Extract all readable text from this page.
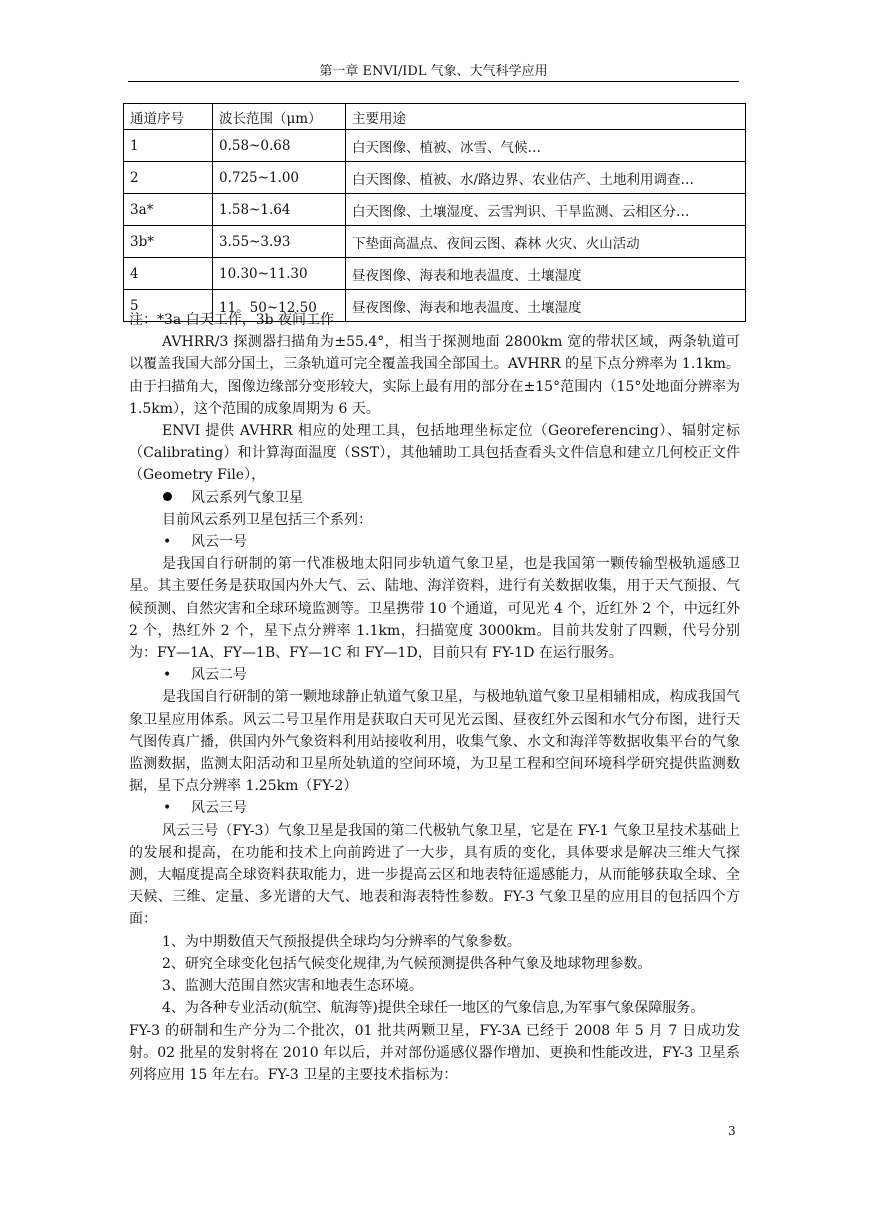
第一章 ENVI/IDL 气象、大气科学应用
通道序号	波长范围（μm）	主要用途
1	0.58~0.68	白天图像、植被、冰雪、气候…
2	0.725~1.00	白天图像、植被、水/路边界、农业估产、土地利用调查…
3a*	1.58~1.64	白天图像、土壤湿度、云雪判识、干旱监测、云相区分…
3b*	3.55~3.93	下垫面高温点、夜间云图、森林 火灾、火山活动
4	10.30~11.30	昼夜图像、海表和地表温度、土壤湿度
5	11。50~12.50	昼夜图像、海表和地表温度、土壤湿度

注：*3a 白天工作，3b 夜间工作

AVHRR/3 探测器扫描角为±55.4°，相当于探测地面 2800km 宽的带状区域，两条轨道可以覆盖我国大部分国土，三条轨道可完全覆盖我国全部国土。AVHRR 的星下点分辨率为 1.1km。由于扫描角大，图像边缘部分变形较大，实际上最有用的部分在±15°范围内（15°处地面分辨率为 1.5km），这个范围的成象周期为 6 天。

ENVI 提供 AVHRR 相应的处理工具，包括地理坐标定位（Georeferencing）、辐射定标（Calibrating）和计算海面温度（SST），其他辅助工具包括查看头文件信息和建立几何校正文件（Geometry File），

风云系列气象卫星

目前风云系列卫星包括三个系列：

• 风云一号

是我国自行研制的第一代准极地太阳同步轨道气象卫星，也是我国第一颗传输型极轨遥感卫星。其主要任务是获取国内外大气、云、陆地、海洋资料，进行有关数据收集，用于天气预报、气候预测、自然灾害和全球环境监测等。卫星携带 10 个通道，可见光 4 个，近红外 2 个，中远红外 2 个，热红外 2 个，星下点分辨率 1.1km，扫描宽度 3000km。目前共发射了四颗，代号分别为：FY—1A、FY—1B、FY—1C 和 FY—1D，目前只有 FY-1D 在运行服务。

• 风云二号

是我国自行研制的第一颗地球静止轨道气象卫星，与极地轨道气象卫星相辅相成，构成我国气象卫星应用体系。风云二号卫星作用是获取白天可见光云图、昼夜红外云图和水气分布图，进行天气图传真广播，供国内外气象资料利用站接收利用，收集气象、水文和海洋等数据收集平台的气象监测数据，监测太阳活动和卫星所处轨道的空间环境，为卫星工程和空间环境科学研究提供监测数据，星下点分辨率 1.25km（FY-2）

• 风云三号

风云三号（FY-3）气象卫星是我国的第二代极轨气象卫星，它是在 FY-1 气象卫星技术基础上的发展和提高，在功能和技术上向前跨进了一大步，具有质的变化，具体要求是解决三维大气探测，大幅度提高全球资料获取能力，进一步提高云区和地表特征遥感能力，从而能够获取全球、全天候、三维、定量、多光谱的大气、地表和海表特性参数。FY-3 气象卫星的应用目的包括四个方面：

1、为中期数值天气预报提供全球均匀分辨率的气象参数。

2、研究全球变化包括气候变化规律,为气候预测提供各种气象及地球物理参数。

3、监测大范围自然灾害和地表生态环境。

4、为各种专业活动(航空、航海等)提供全球任一地区的气象信息,为军事气象保障服务。

FY-3 的研制和生产分为二个批次，01 批共两颗卫星，FY-3A 已经于 2008 年 5 月 7 日成功发射。02 批星的发射将在 2010 年以后，并对部份遥感仪器作增加、更换和性能改进，FY-3 卫星系列将应用 15 年左右。FY-3 卫星的主要技术指标为：

3
